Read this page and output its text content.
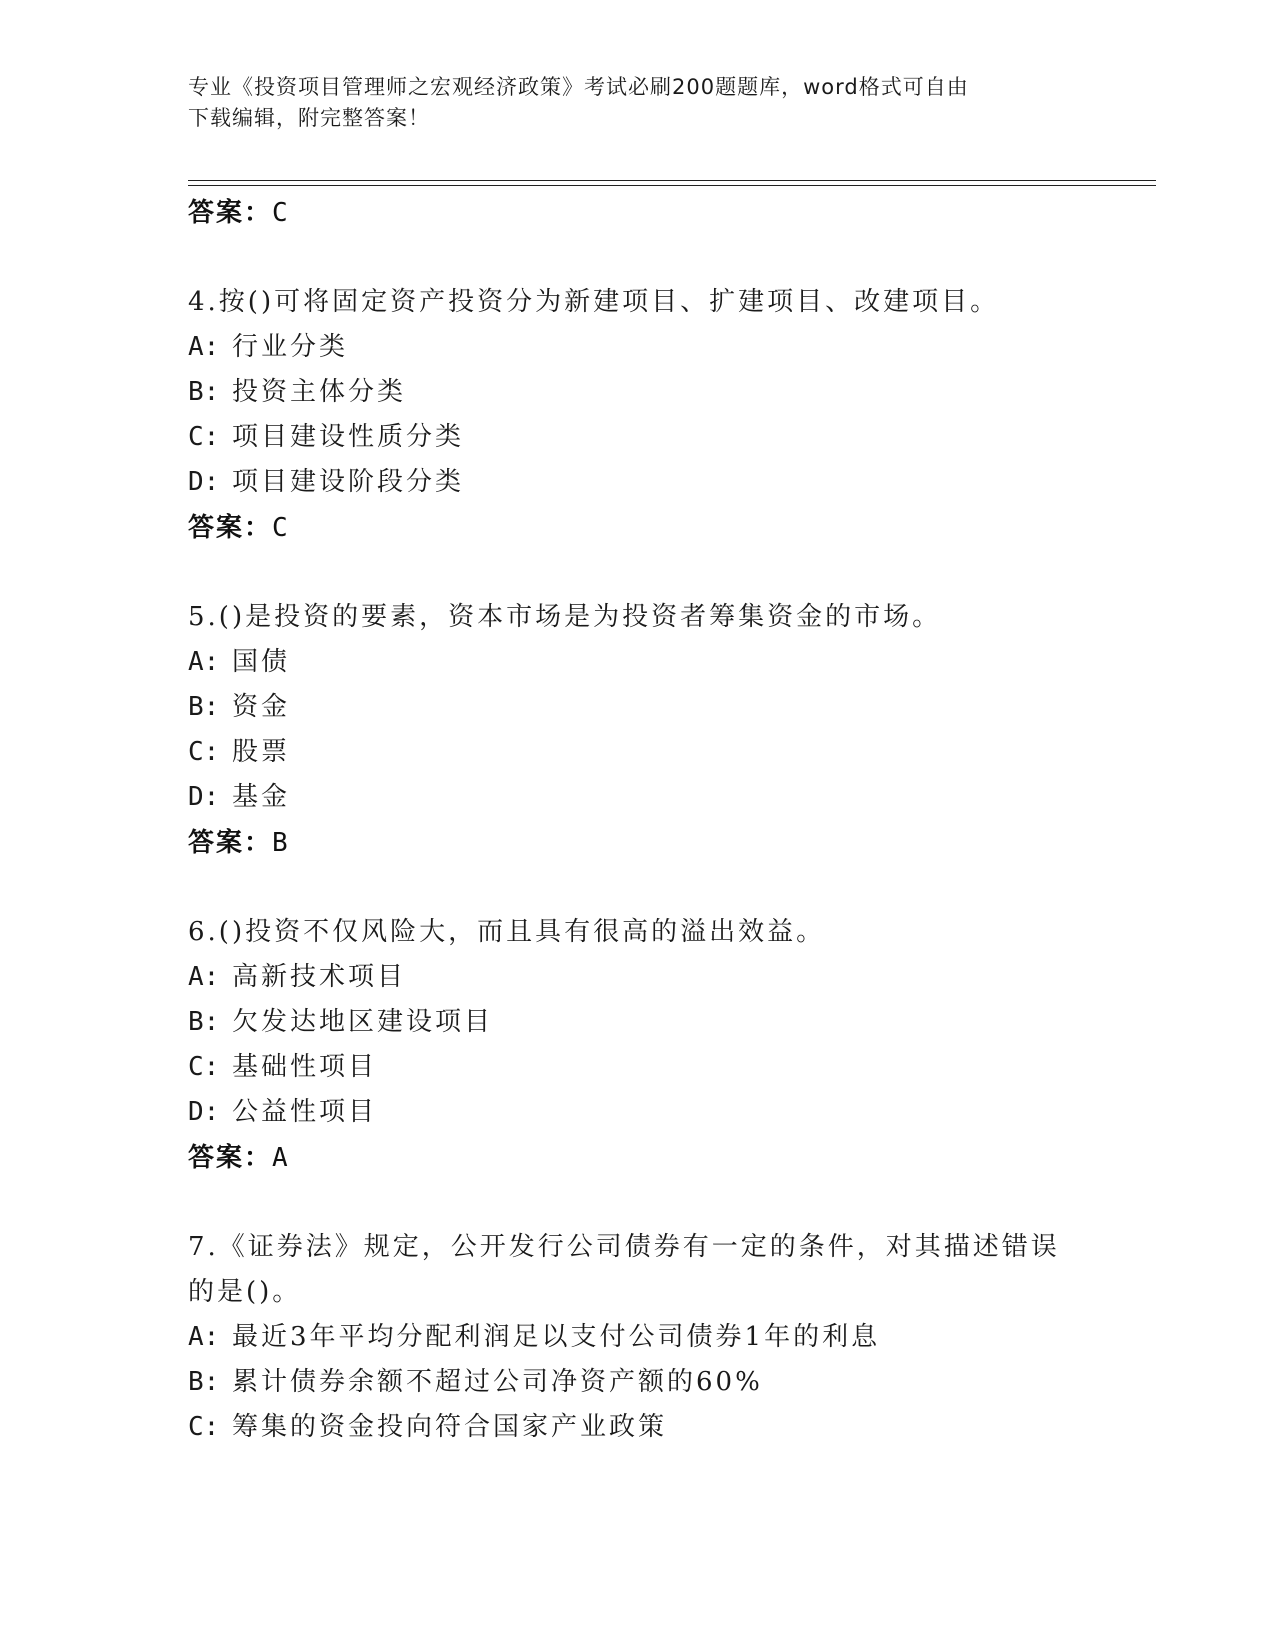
专业《投资项目管理师之宏观经济政策》考试必刷200题题库，word格式可自由
下载编辑，附完整答案！
答案：C
4.按()可将固定资产投资分为新建项目、扩建项目、改建项目。
A: 行业分类
B: 投资主体分类
C: 项目建设性质分类
D: 项目建设阶段分类
答案：C
5.()是投资的要素，资本市场是为投资者筹集资金的市场。
A: 国债
B: 资金
C: 股票
D: 基金
答案：B
6.()投资不仅风险大，而且具有很高的溢出效益。
A: 高新技术项目
B: 欠发达地区建设项目
C: 基础性项目
D: 公益性项目
答案：A
7.《证券法》规定，公开发行公司债券有一定的条件，对其描述错误
的是()。
A: 最近3年平均分配利润足以支付公司债券1年的利息
B: 累计债券余额不超过公司净资产额的60%
C: 筹集的资金投向符合国家产业政策
